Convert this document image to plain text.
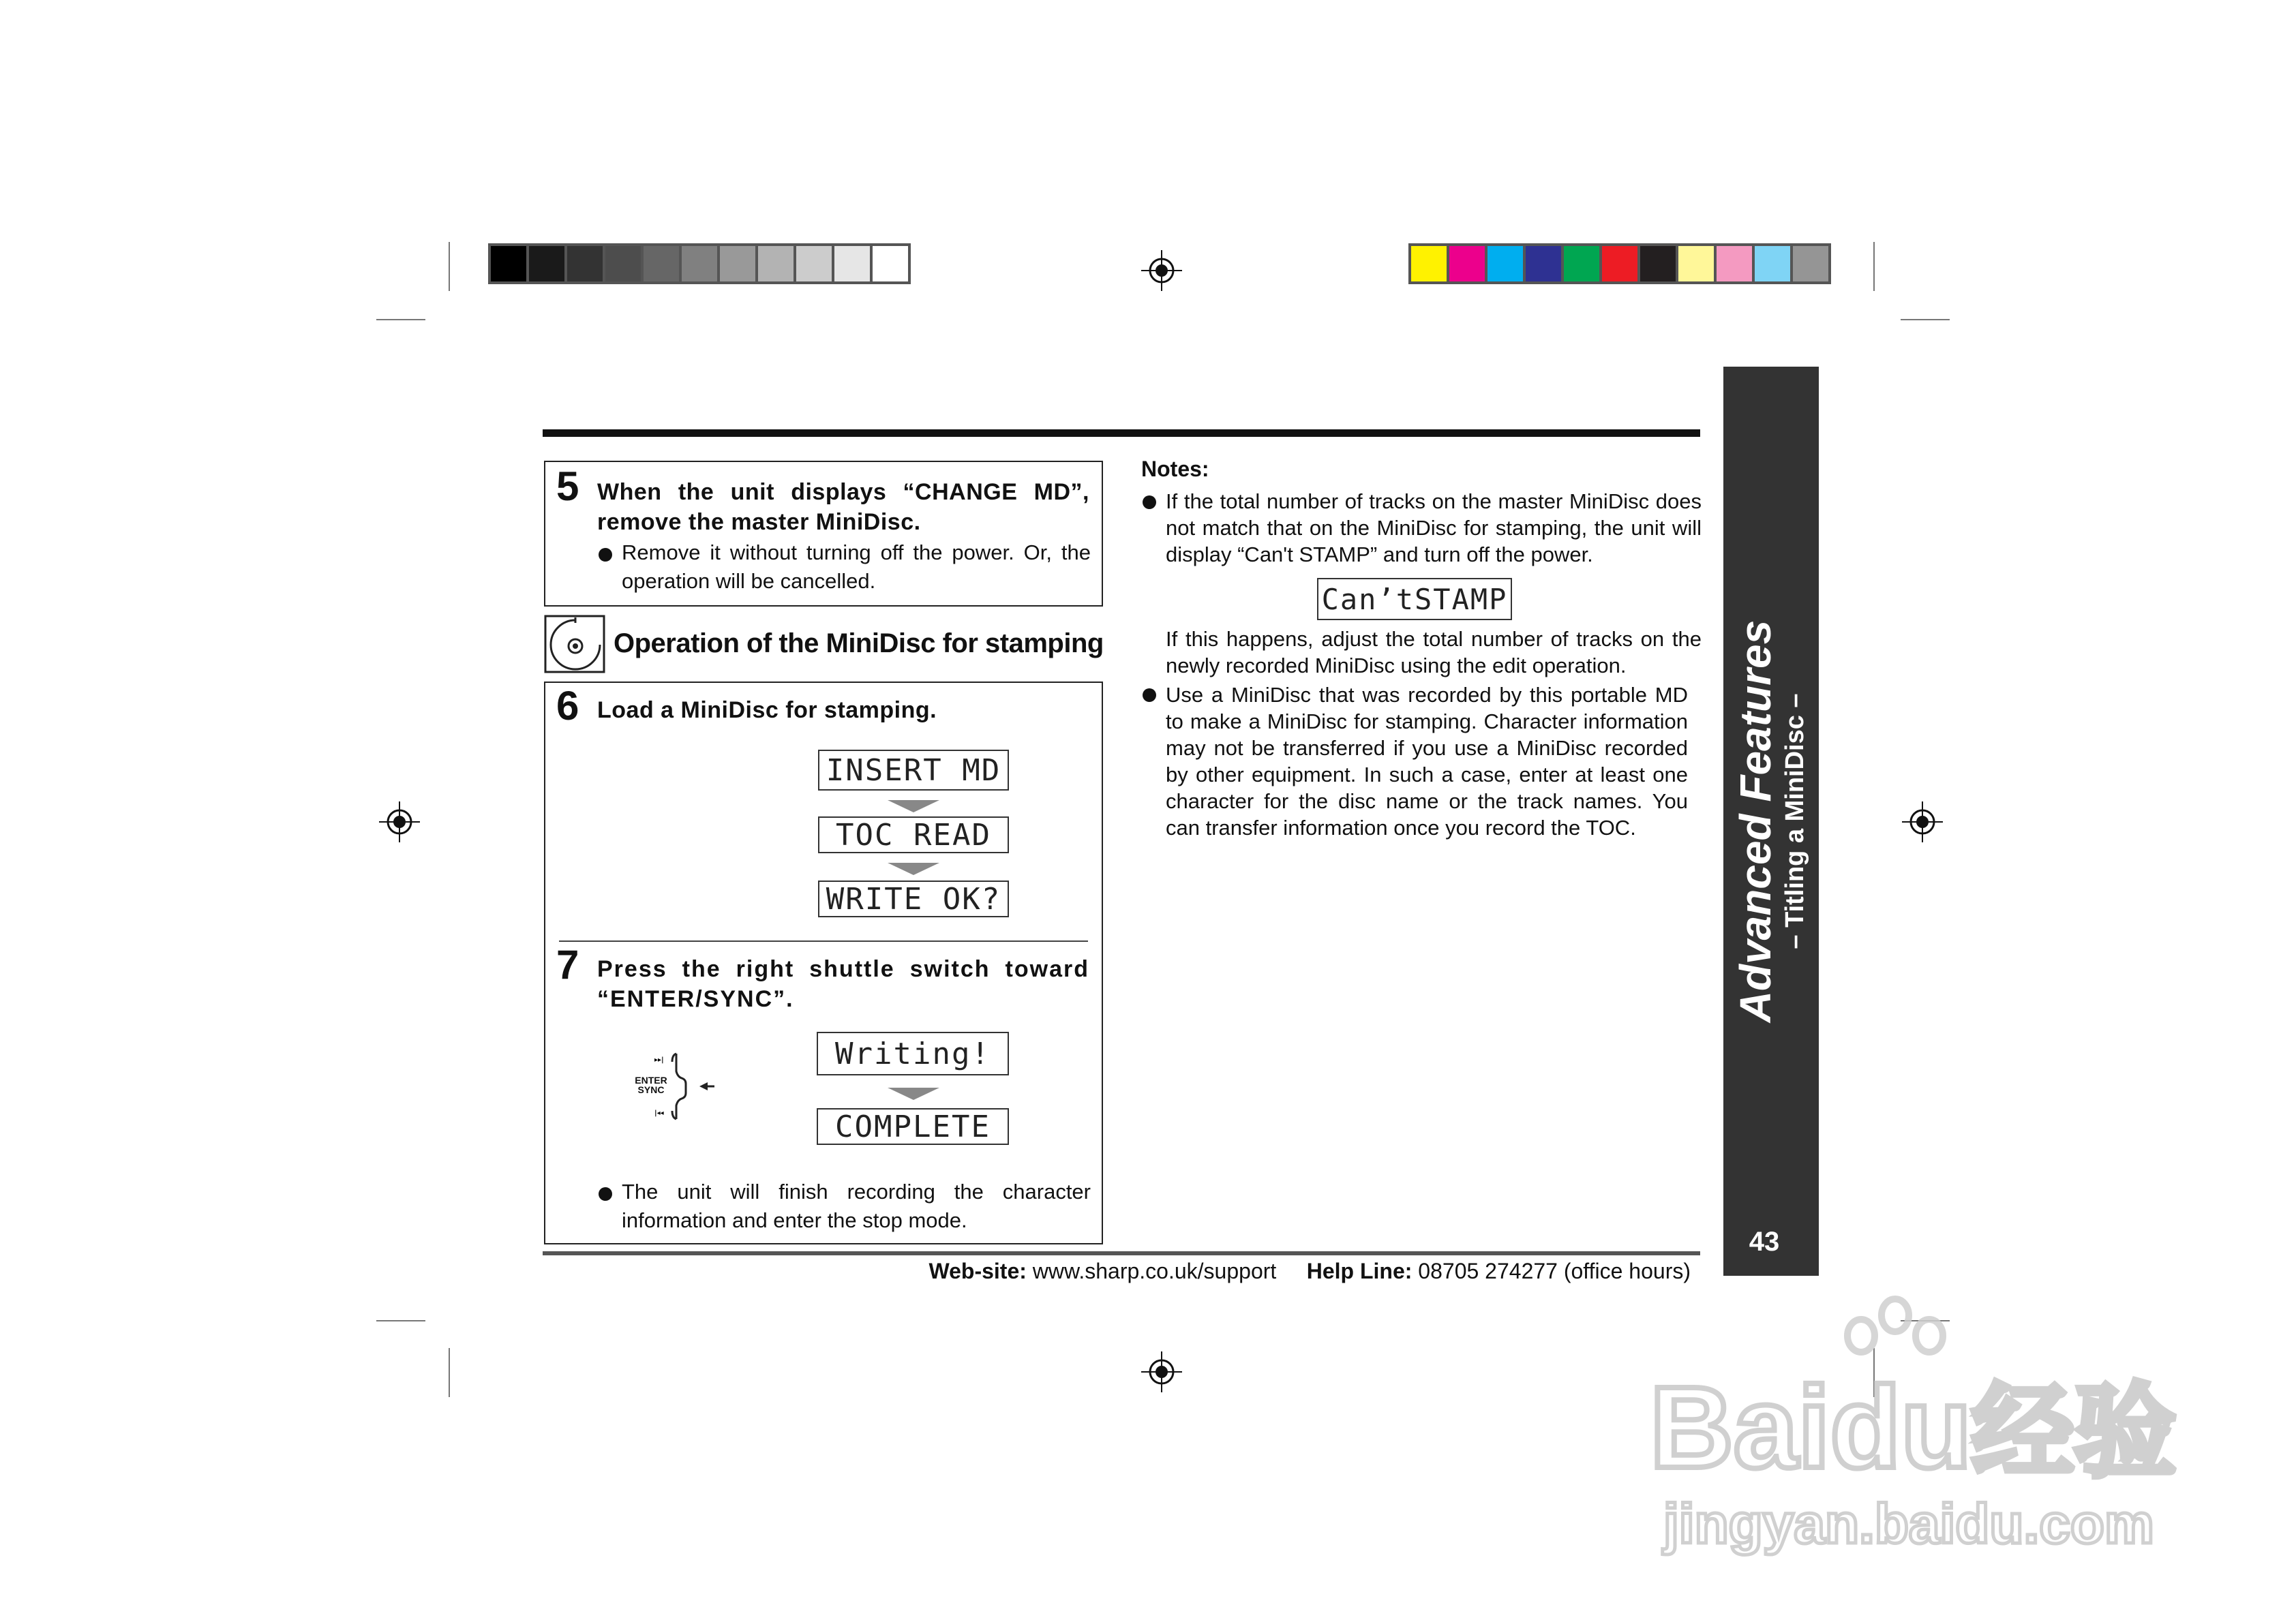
5 When the unit displays “CHANGE MD”, remove the master MiniDisc.
Remove it without turning off the power. Or, the operation will be cancelled.
Operation of the MiniDisc for stamping
6 Load a MiniDisc for stamping.
INSERT MD
TOC READ
WRITE OK?
7 Press the right shuttle switch toward “ENTER/SYNC”.
▸▸|
|◂◂
ENTER SYNC
Writing!
COMPLETE
The unit will finish recording the character information and enter the stop mode.
Notes:
If the total number of tracks on the master MiniDisc does not match that on the MiniDisc for stamping, the unit will display “Can't STAMP” and turn off the power.
Can’tSTAMP
If this happens, adjust the total number of tracks on the newly recorded MiniDisc using the edit operation.
Use a MiniDisc that was recorded by this portable MD to make a MiniDisc for stamping. Character information may not be transferred if you use a MiniDisc recorded by other equipment. In such a case, enter at least one character for the disc name or the track names. You can transfer information once you record the TOC.	Advanced Features – Titling a MiniDisc –
43
Web-site: www.sharp.co.uk/support Help Line: 08705 274277 (office hours)
Baidu经验
jingyan.baidu.com
